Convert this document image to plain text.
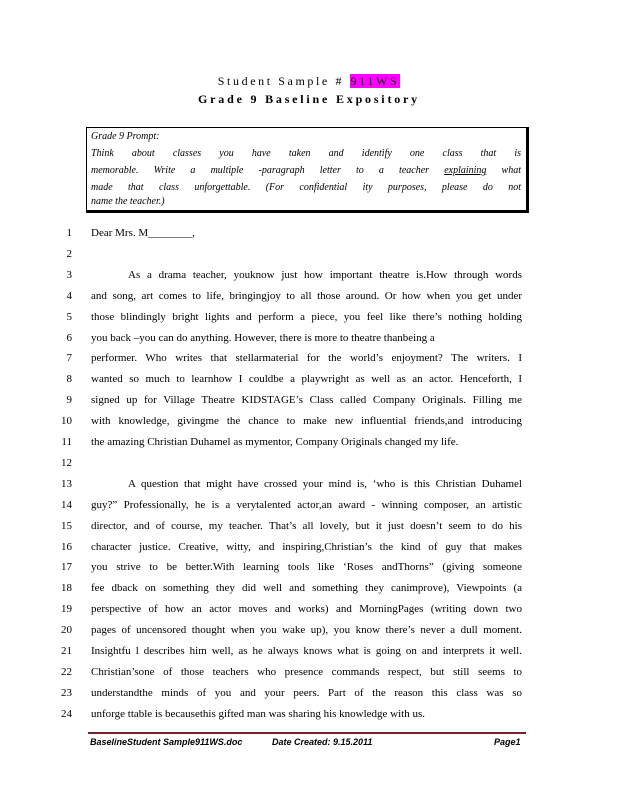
Student Sample # 911WS
Grade 9 Baseline Expository
Grade 9 Prompt:
Think about classes you have taken and identify one class that is
memorable. Write a multiple -paragraph letter to a teacher explaining what
made that class unforgettable. (For confidential ity purposes, please do not
name the teacher.)
1 Dear Mrs. M________,
2
3	As a drama teacher, youknow just how important theatre is.How through words
4 and song, art comes to life, bringingjoy to all those around. Or how when you get under
5 those blindingly bright lights and perform a piece, you feel like there’s nothing holding
6 you back –you can do anything. However, there is more to theatre thanbeing a
7 performer. Who writes that stellarmaterial for the world’s enjoyment? The writers. I
8 wanted so much to learnhow I couldbe a playwright as well as an actor. Henceforth, I
9 signed up for Village Theatre KIDSTAGE’s Class called Company Originals. Filling me
10 with knowledge, givingme the chance to make new influential friends,and introducing
11 the amazing Christian Duhamel as mymentor, Company Originals changed my life.
12
13	A question that might have crossed your mind is, ‘who is this Christian Duhamel
14 guy?” Professionally, he is a verytalented actor,an award - winning composer, an artistic
15 director, and of course, my teacher. That’s all lovely, but it just doesn’t seem to do his
16 character justice. Creative, witty, and inspiring,Christian’s the kind of guy that makes
17 you strive to be better.With learning tools like ‘Roses andThorns” (giving someone
18 fee dback on something they did well and something they canimprove), Viewpoints (a
19 perspective of how an actor moves and works) and MorningPages (writing down two
20 pages of uncensored thought when you wake up), you know there’s never a dull moment.
21 Insightfu l describes him well, as he always knows what is going on and interprets it well.
22 Christian’sone of those teachers who presence commands respect, but still seems to
23 understandthe minds of you and your peers. Part of the reason this class was so
24 unforge ttable is becausethis gifted man was sharing his knowledge with us.
BaselineStudent Sample911WS.doc	Date Created: 9.15.2011	Page1
